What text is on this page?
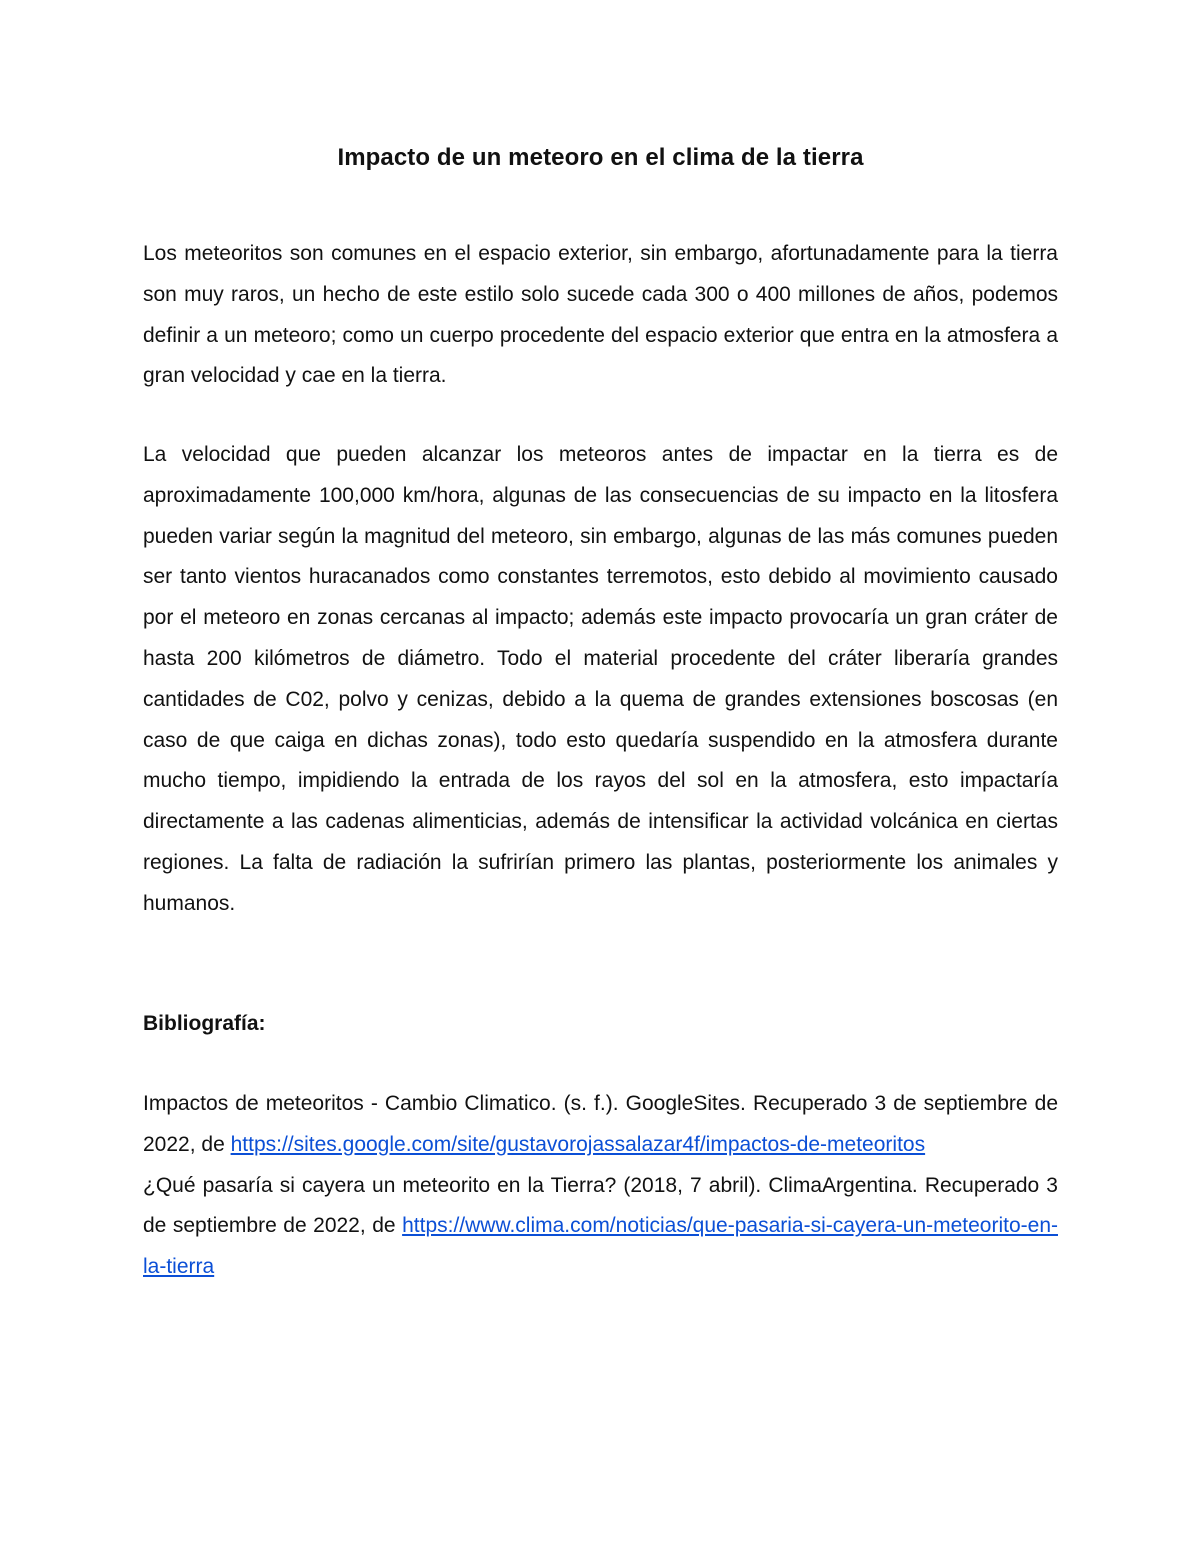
Impacto de un meteoro en el clima de la tierra

Los meteoritos son comunes en el espacio exterior, sin embargo, afortunadamente para la tierra son muy raros, un hecho de este estilo solo sucede cada 300 o 400 millones de años, podemos definir a un meteoro; como un cuerpo procedente del espacio exterior que entra en la atmosfera a gran velocidad y cae en la tierra.

La velocidad que pueden alcanzar los meteoros antes de impactar en la tierra es de aproximadamente 100,000 km/hora, algunas de las consecuencias de su impacto en la litosfera pueden variar según la magnitud del meteoro, sin embargo, algunas de las más comunes pueden ser tanto vientos huracanados como constantes terremotos, esto debido al movimiento causado por el meteoro en zonas cercanas al impacto; además este impacto provocaría un gran cráter de hasta 200 kilómetros de diámetro. Todo el material procedente del cráter liberaría grandes cantidades de C02, polvo y cenizas, debido a la quema de grandes extensiones boscosas (en caso de que caiga en dichas zonas), todo esto quedaría suspendido en la atmosfera durante mucho tiempo, impidiendo la entrada de los rayos del sol en la atmosfera, esto impactaría directamente a las cadenas alimenticias, además de intensificar la actividad volcánica en ciertas regiones. La falta de radiación la sufrirían primero las plantas, posteriormente los animales y humanos.

Bibliografía:

Impactos de meteoritos - Cambio Climatico. (s. f.). GoogleSites. Recuperado 3 de septiembre de 2022, de https://sites.google.com/site/gustavorojassalazar4f/impactos-de-meteoritos

¿Qué pasaría si cayera un meteorito en la Tierra? (2018, 7 abril). ClimaArgentina. Recuperado 3 de septiembre de 2022, de https://www.clima.com/noticias/que-pasaria-si-cayera-un-meteorito-en-la-tierra
